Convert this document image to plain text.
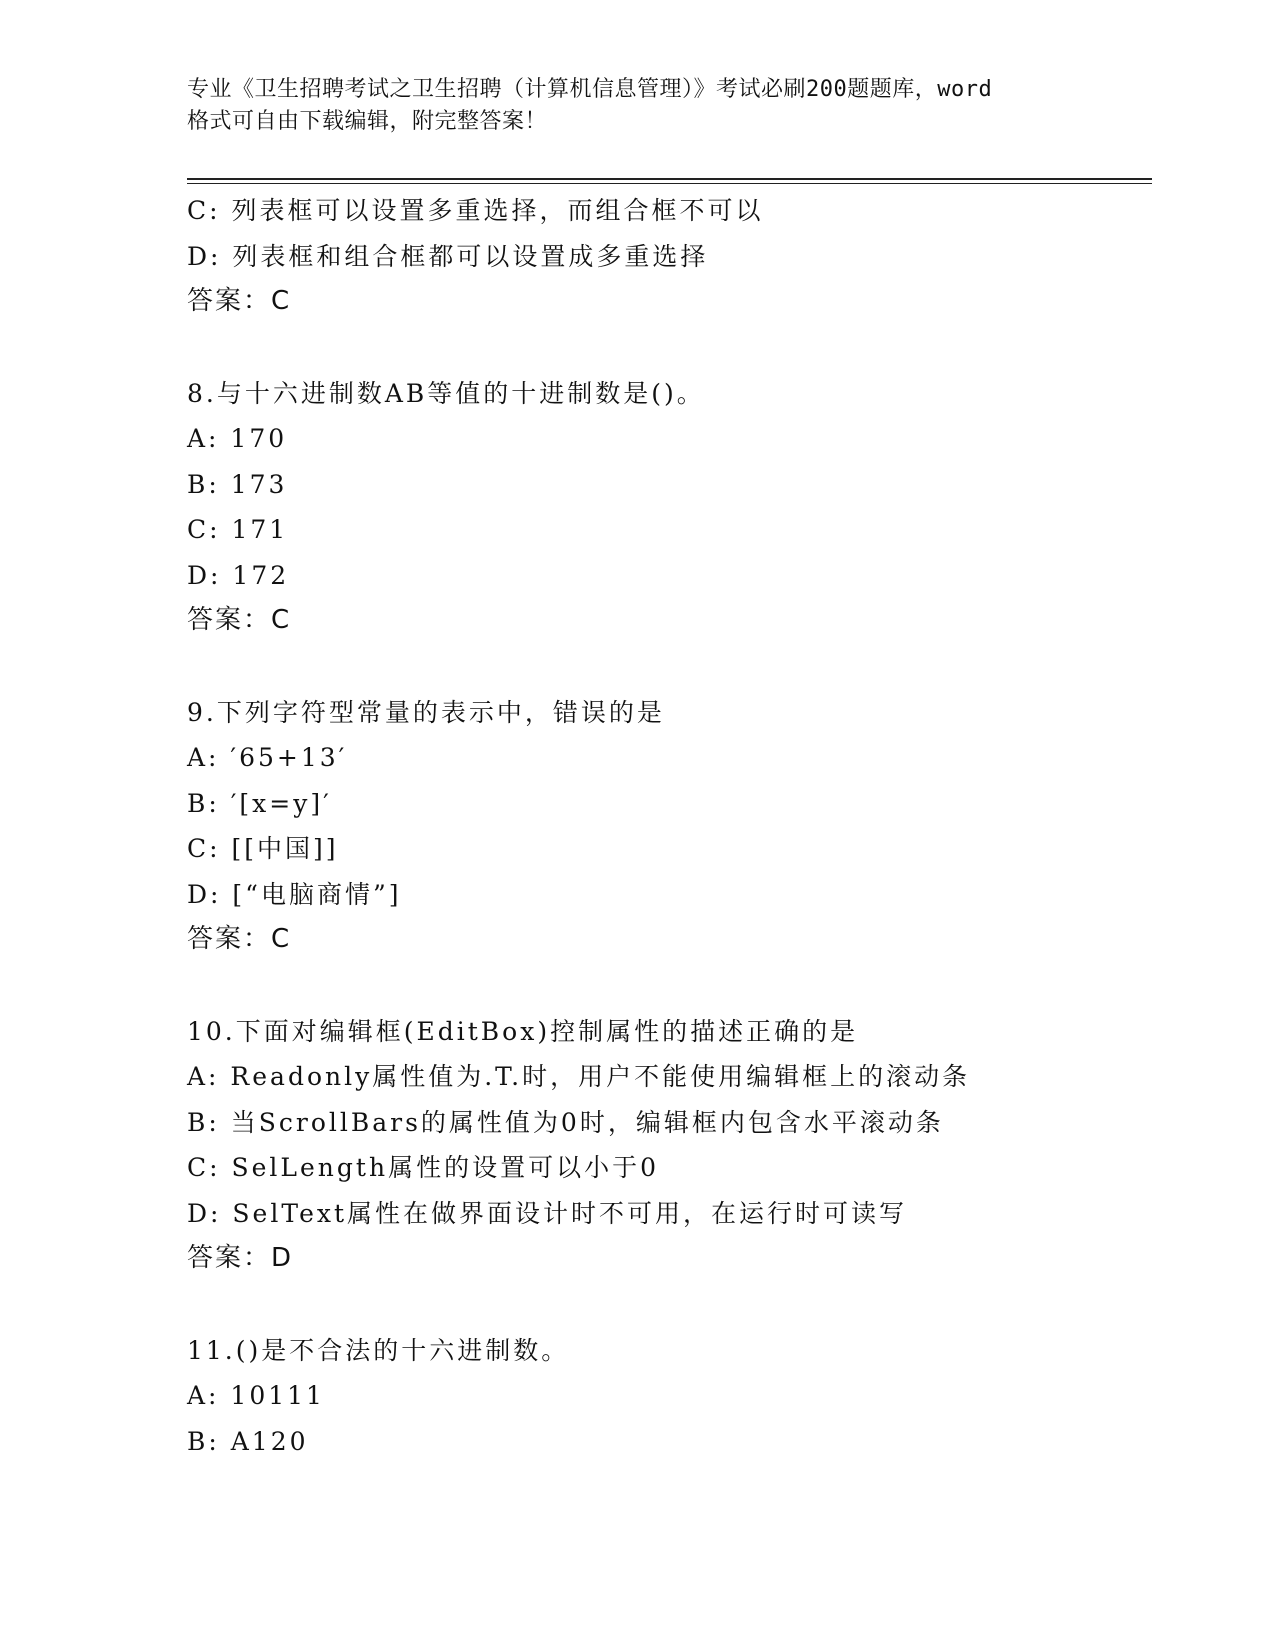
专业《卫生招聘考试之卫生招聘（计算机信息管理）》考试必刷200题题库，word
格式可自由下载编辑，附完整答案！
C: 列表框可以设置多重选择，而组合框不可以
D: 列表框和组合框都可以设置成多重选择
答案：C
8.与十六进制数AB等值的十进制数是()。
A: 170
B: 173
C: 171
D: 172
答案：C
9.下列字符型常量的表示中，错误的是
A: ′65+13′
B: ′[x=y]′
C: [[中国]]
D: [“电脑商情”]
答案：C
10.下面对编辑框(EditBox)控制属性的描述正确的是
A: Readonly属性值为.T.时，用户不能使用编辑框上的滚动条
B: 当ScrollBars的属性值为0时，编辑框内包含水平滚动条
C: SelLength属性的设置可以小于0
D: SelText属性在做界面设计时不可用，在运行时可读写
答案：D
11.()是不合法的十六进制数。
A: 10111
B: A120
